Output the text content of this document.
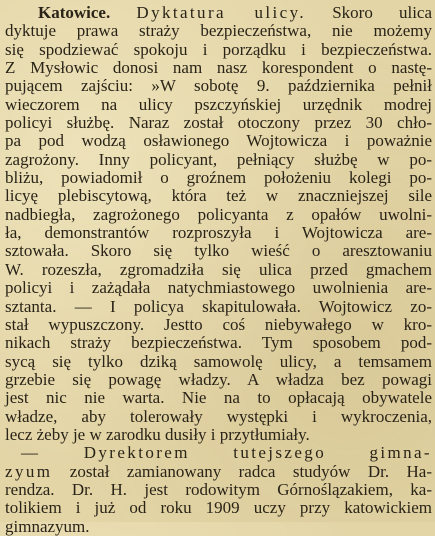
Katowice. Dyktatura ulicy. Skoro ulica
dyktuje prawa straży bezpieczeństwa, nie możemy
się spodziewać spokoju i porządku i bezpieczeństwa.
Z Mysłowic donosi nam nasz korespondent o nastę-
pującem zajściu: »W sobotę 9. października pełnił
wieczorem na ulicy pszczyńskiej urzędnik modrej
policyi służbę. Naraz został otoczony przez 30 chło-
pa pod wodzą osławionego Wojtowicza i poważnie
zagrożony. Inny policyant, pełniący służbę w po-
bliżu, powiadomił o groźnem położeniu kolegi po-
licyę plebiscytową, która też w znaczniejszej sile
nadbiegła, zagrożonego policyanta z opałów uwolni-
ła, demonstrantów rozproszyła i Wojtowicza are-
sztowała. Skoro się tylko wieść o aresztowaniu
W. rozeszła, zgromadziła się ulica przed gmachem
policyi i zażądała natychmiastowego uwolnienia are-
sztanta. — I policya skapitulowała. Wojtowicz zo-
stał wypuszczony. Jestto coś niebywałego w kro-
nikach straży bezpieczeństwa. Tym sposobem pod-
sycą się tylko dziką samowolę ulicy, a temsamem
grzebie się powagę władzy. A władza bez powagi
jest nic nie warta. Nie na to opłacają obywatele
władze, aby tolerowały występki i wykroczenia,
lecz żeby je w zarodku dusiły i przytłumiały.
— Dyrektorem tutejszego gimna-
zyum został zamianowany radca studyów Dr. Ha-
rendza. Dr. H. jest rodowitym Górnoślązakiem, ka-
tolikiem i już od roku 1909 uczy przy katowickiem
gimnazyum.
